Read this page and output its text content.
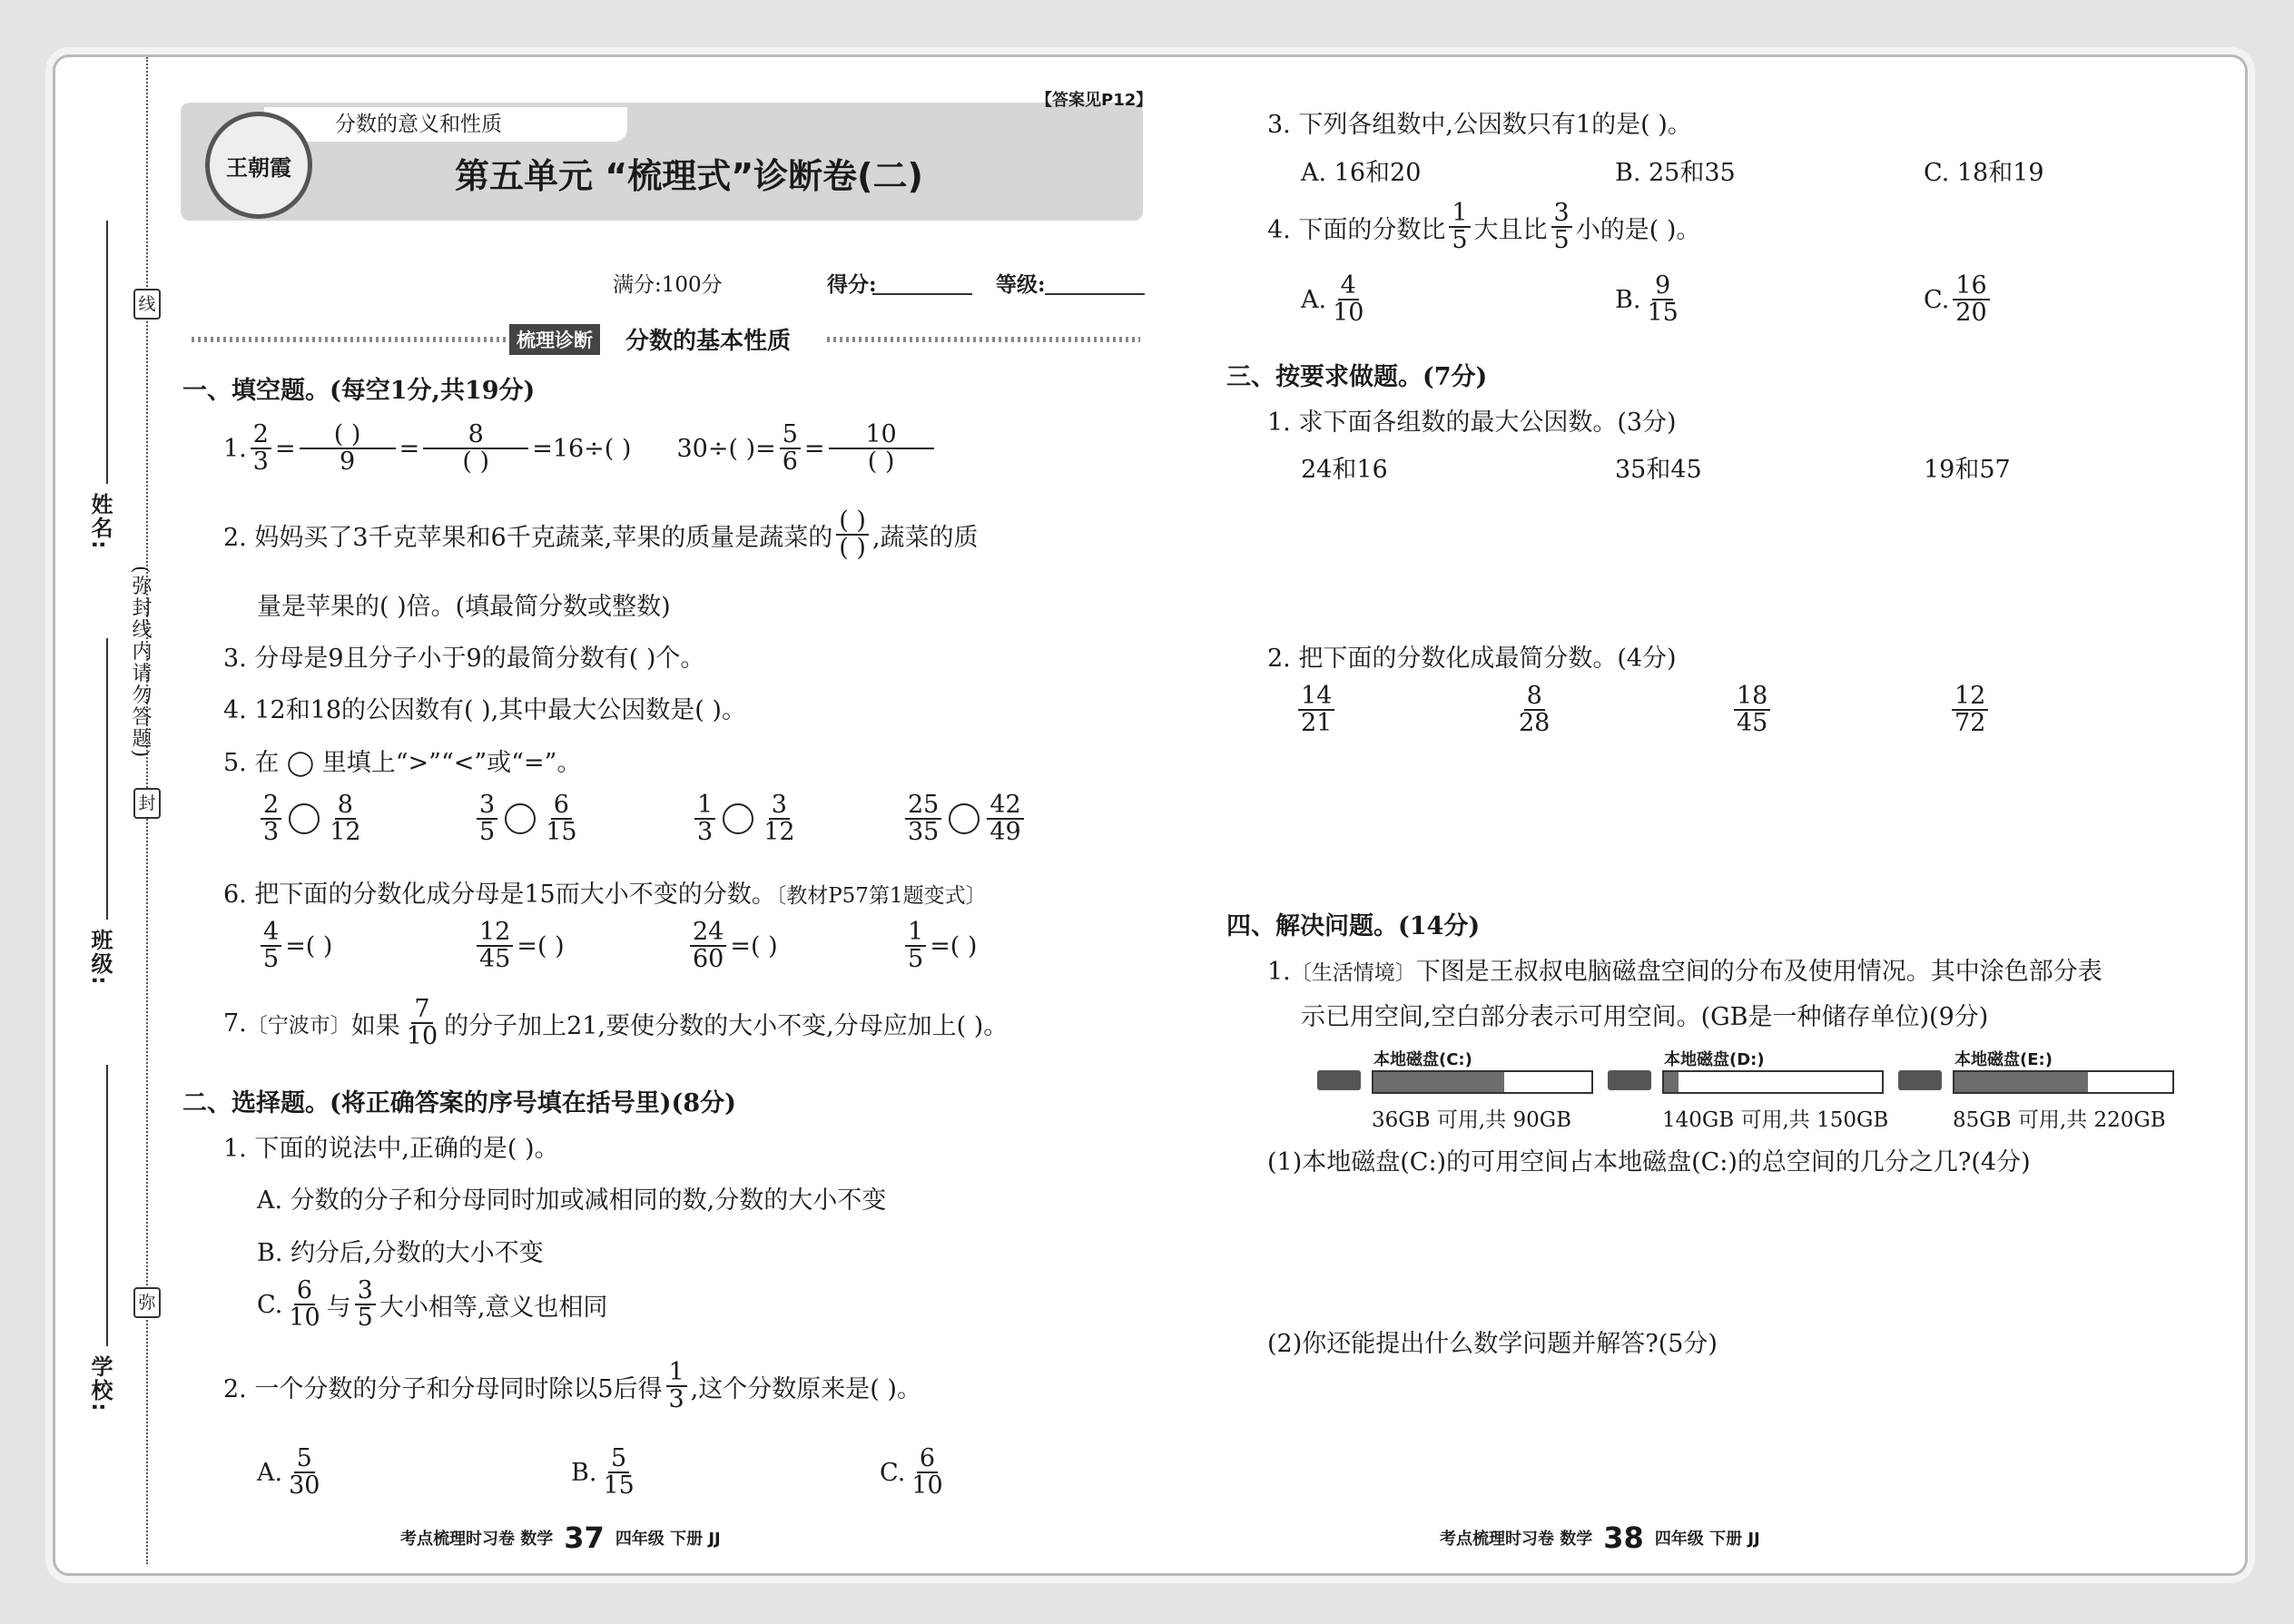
线
封
弥
(弥封线内请勿答题)
姓名:
班级:
学校:
分数的意义和性质
【答案见P12】
王朝霞	第五单元 “梳理式”诊断卷(二)
满分:100分	得分:	等级:
梳理诊断	分数的基本性质
一、填空题。(每空1分,共19分)
1. $\frac{2}{3} = \frac{( )}{9} = \frac{8}{( )} =16\div$( ) 30÷( )= $\frac{5}{6} = \frac{10}{( )}$
2. 妈妈买了3千克苹果和6千克蔬菜,苹果的质量是蔬菜的 $\frac{( )}{( )}$ ,蔬菜的质
量是苹果的( )倍。(填最简分数或整数)
3. 分母是9且分子小于9的最简分数有( )个。
4. 12和18的公因数有( ),其中最大公因数是( )。
5. 在 ◯ 里填上“>”“<”或“=”。
$\frac{2}{3} \frac{8}{12}$	$\frac{3}{5} \frac{6}{15}$	$\frac{1}{3} \frac{3}{12}$	$\frac{25}{35} \frac{42}{49}$
6. 把下面的分数化成分母是15而大小不变的分数。〔教材P57第1题变式〕
$\frac{4}{5}$ =( )	$\frac{12}{45}$ =( )	$\frac{24}{60}$ =( )	$\frac{1}{5}$ =( )
7. 〔宁波市〕 如果 $\frac{7}{10}$ 的分子加上21,要使分数的大小不变,分母应加上( )。
二、选择题。(将正确答案的序号填在括号里)(8分)
1. 下面的说法中,正确的是( )。
A. 分数的分子和分母同时加或减相同的数,分数的大小不变
B. 约分后,分数的大小不变
C. $\frac{6}{10}$ 与 $\frac{3}{5}$ 大小相等,意义也相同
2. 一个分数的分子和分母同时除以5后得 $\frac{1}{3}$ ,这个分数原来是( )。
A. $\frac{5}{30}$	B. $\frac{5}{15}$	C. $\frac{6}{10}$
考点梳理时习卷 数学 37 四年级 下册 JJ
3. 下列各组数中,公因数只有1的是( )。
A. 16和20	B. 25和35	C. 18和19
4. 下面的分数比 $\frac{1}{5}$ 大且比 $\frac{3}{5}$ 小的是( )。
A. $\frac{4}{10}$	B. $\frac{9}{15}$	C. $\frac{16}{20}$
三、按要求做题。(7分)
1. 求下面各组数的最大公因数。(3分)
24和16	35和45	19和57
2. 把下面的分数化成最简分数。(4分)
$\frac{14}{21}$	$\frac{8}{28}$	$\frac{18}{45}$	$\frac{12}{72}$
四、解决问题。(14分)
1.〔生活情境〕下图是王叔叔电脑磁盘空间的分布及使用情况。其中涂色部分表
示已用空间,空白部分表示可用空间。(GB是一种储存单位)(9分)
本地磁盘(C:)
36GB 可用,共 90GB
本地磁盘(D:)
140GB 可用,共 150GB
本地磁盘(E:)
85GB 可用,共 220GB
(1)本地磁盘(C:)的可用空间占本地磁盘(C:)的总空间的几分之几?(4分)
(2)你还能提出什么数学问题并解答?(5分)
考点梳理时习卷 数学 38 四年级 下册 JJ
